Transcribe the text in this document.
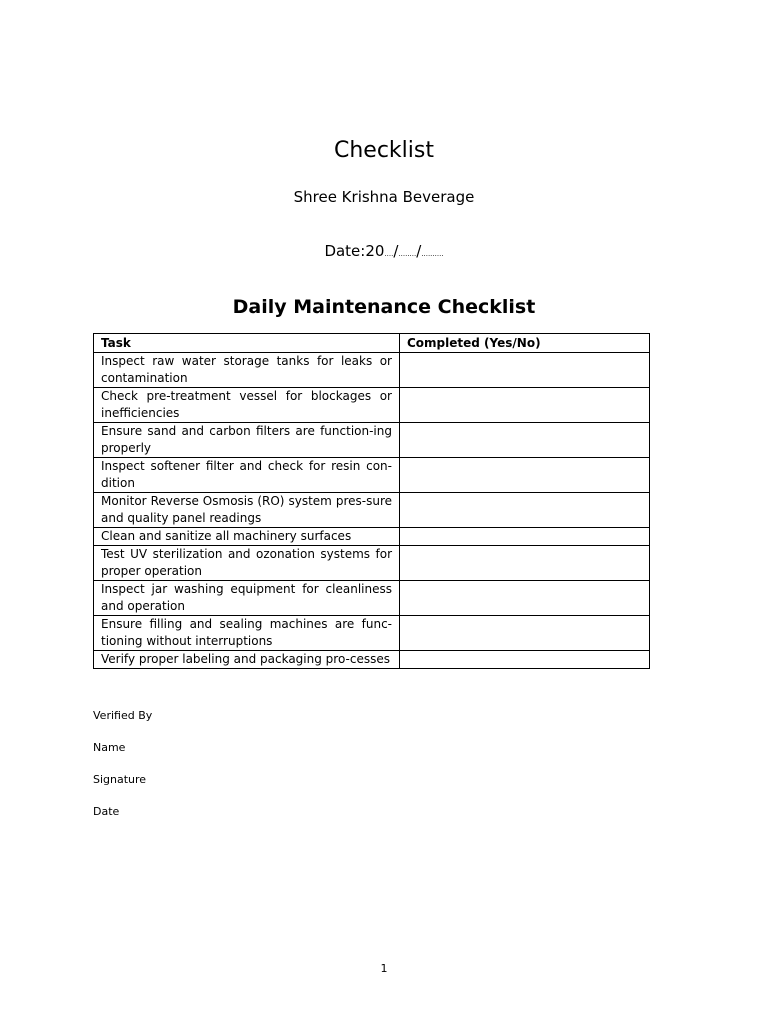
Checklist
Shree Krishna Beverage
Date:20..../......../..........
Daily Maintenance Checklist
Task	Completed (Yes/No)
Inspect raw water storage tanks for leaks or contamination	
Check pre-treatment vessel for blockages or inefficiencies	
Ensure sand and carbon filters are function-ing properly	
Inspect softener filter and check for resin con-dition	
Monitor Reverse Osmosis (RO) system pres-sure and quality panel readings	
Clean and sanitize all machinery surfaces	
Test UV sterilization and ozonation systems for proper operation	
Inspect jar washing equipment for cleanliness and operation	
Ensure filling and sealing machines are func-tioning without interruptions	
Verify proper labeling and packaging pro-cesses	
Verified By
Name
Signature
Date
1
